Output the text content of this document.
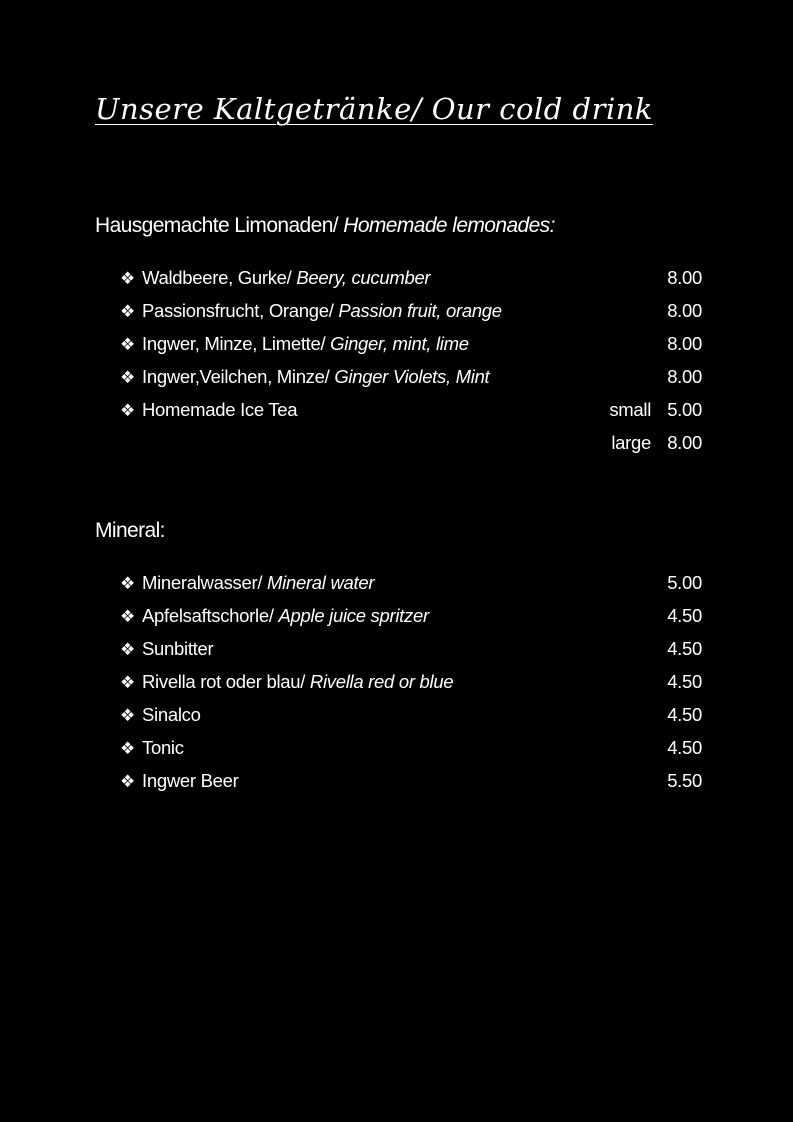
Unsere Kaltgetränke/ Our cold drink
Hausgemachte Limonaden/ Homemade lemonades:
❖ Waldbeere, Gurke/ Beery, cucumber	8.00
❖ Passionsfrucht, Orange/ Passion fruit, orange	8.00
❖ Ingwer, Minze, Limette/ Ginger, mint, lime	8.00
❖ Ingwer,Veilchen, Minze/ Ginger Violets, Mint	8.00
❖ Homemade Ice Tea	small 5.00
large 8.00
Mineral:
❖ Mineralwasser/ Mineral water	5.00
❖ Apfelsaftschorle/ Apple juice spritzer	4.50
❖ Sunbitter	4.50
❖ Rivella rot oder blau/ Rivella red or blue	4.50
❖ Sinalco	4.50
❖ Tonic	4.50
❖ Ingwer Beer	5.50
